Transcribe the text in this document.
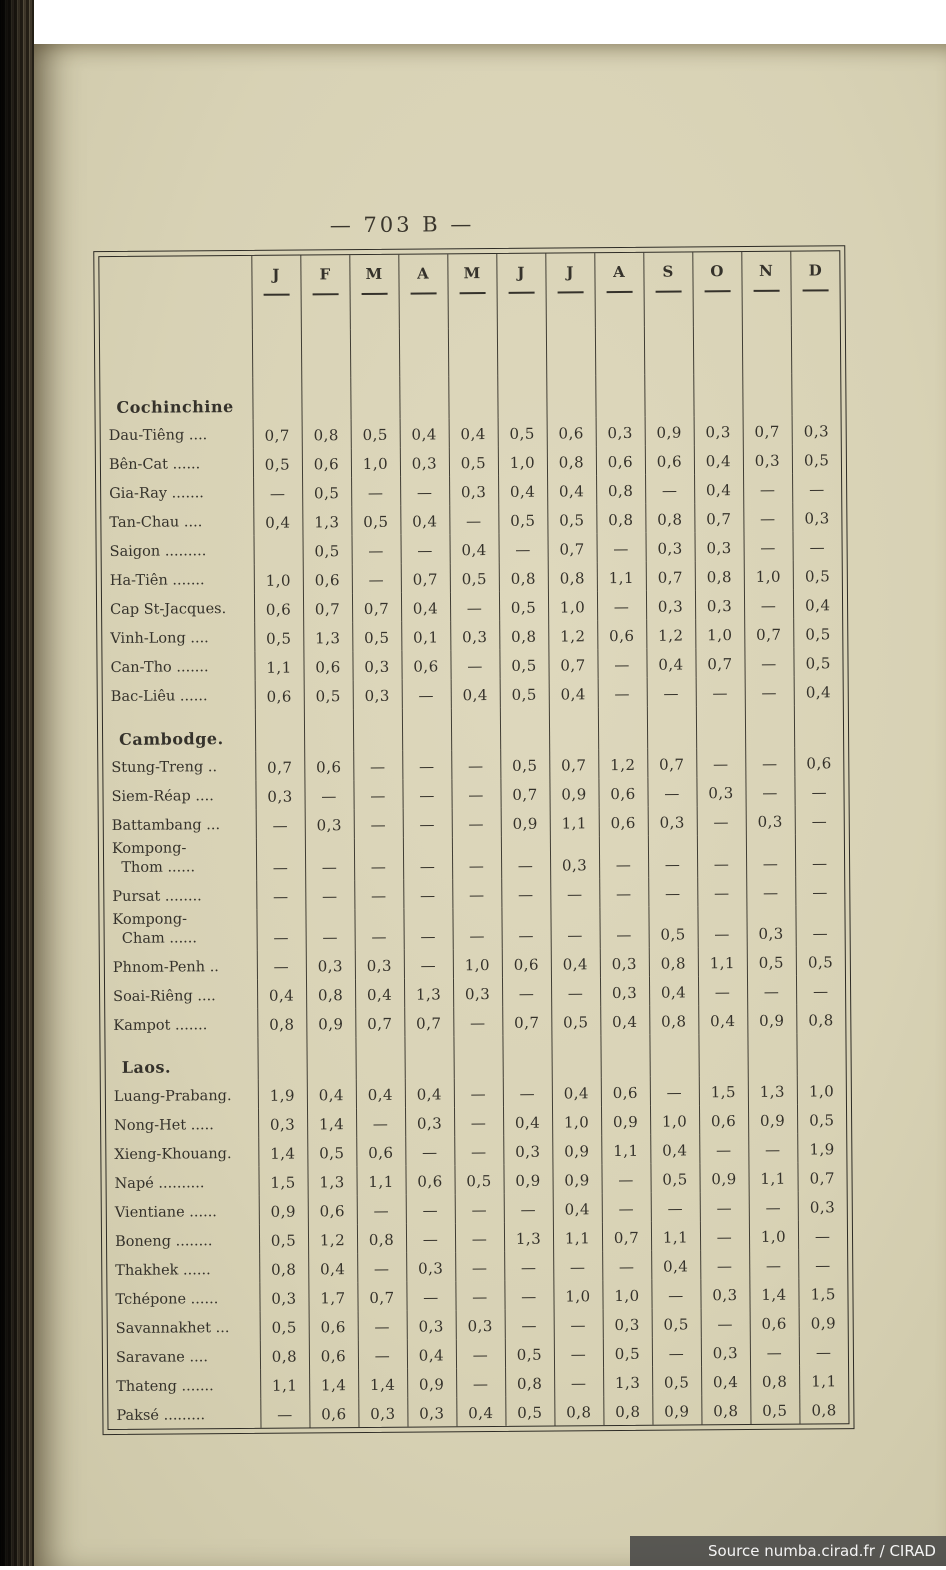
— 703 B —

	J	F	M	A	M	J	J	A	S	O	N	D

Cochinchine												
Dau-Tiêng ....	0,7	0,8	0,5	0,4	0,4	0,5	0,6	0,3	0,9	0,3	0,7	0,3
Bên-Cat ......	0,5	0,6	1,0	0,3	0,5	1,0	0,8	0,6	0,6	0,4	0,3	0,5
Gia-Ray .......	—	0,5	—	—	0,3	0,4	0,4	0,8	—	0,4	—	—
Tan-Chau ....	0,4	1,3	0,5	0,4	—	0,5	0,5	0,8	0,8	0,7	—	0,3
Saigon .........		0,5	—	—	0,4	—	0,7	—	0,3	0,3	—	—
Ha-Tiên .......	1,0	0,6	—	0,7	0,5	0,8	0,8	1,1	0,7	0,8	1,0	0,5
Cap St-Jacques.	0,6	0,7	0,7	0,4	—	0,5	1,0	—	0,3	0,3	—	0,4
Vinh-Long ....	0,5	1,3	0,5	0,1	0,3	0,8	1,2	0,6	1,2	1,0	0,7	0,5
Can-Tho .......	1,1	0,6	0,3	0,6	—	0,5	0,7	—	0,4	0,7	—	0,5
Bac-Liêu ......	0,6	0,5	0,3	—	0,4	0,5	0,4	—	—	—	—	0,4
Cambodge.												
Stung-Treng ..	0,7	0,6	—	—	—	0,5	0,7	1,2	0,7	—	—	0,6
Siem-Réap ....	0,3	—	—	—	—	0,7	0,9	0,6	—	0,3	—	—
Battambang ...	—	0,3	—	—	—	0,9	1,1	0,6	0,3	—	0,3	—
Kompong-
Thom ......	—	—	—	—	—	—	0,3	—	—	—	—	—
Pursat ........	—	—	—	—	—	—	—	—	—	—	—	—
Kompong-
Cham ......	—	—	—	—	—	—	—	—	0,5	—	0,3	—
Phnom-Penh ..	—	0,3	0,3	—	1,0	0,6	0,4	0,3	0,8	1,1	0,5	0,5
Soai-Riêng ....	0,4	0,8	0,4	1,3	0,3	—	—	0,3	0,4	—	—	—
Kampot .......	0,8	0,9	0,7	0,7	—	0,7	0,5	0,4	0,8	0,4	0,9	0,8
Laos.												
Luang-Prabang.	1,9	0,4	0,4	0,4	—	—	0,4	0,6	—	1,5	1,3	1,0
Nong-Het .....	0,3	1,4	—	0,3	—	0,4	1,0	0,9	1,0	0,6	0,9	0,5
Xieng-Khouang.	1,4	0,5	0,6	—	—	0,3	0,9	1,1	0,4	—	—	1,9
Napé ..........	1,5	1,3	1,1	0,6	0,5	0,9	0,9	—	0,5	0,9	1,1	0,7
Vientiane ......	0,9	0,6	—	—	—	—	0,4	—	—	—	—	0,3
Boneng ........	0,5	1,2	0,8	—	—	1,3	1,1	0,7	1,1	—	1,0	—
Thakhek ......	0,8	0,4	—	0,3	—	—	—	—	0,4	—	—	—
Tchépone ......	0,3	1,7	0,7	—	—	—	1,0	1,0	—	0,3	1,4	1,5
Savannakhet ...	0,5	0,6	—	0,3	0,3	—	—	0,3	0,5	—	0,6	0,9
Saravane ....	0,8	0,6	—	0,4	—	0,5	—	0,5	—	0,3	—	—
Thateng .......	1,1	1,4	1,4	0,9	—	0,8	—	1,3	0,5	0,4	0,8	1,1
Paksé .........	—	0,6	0,3	0,3	0,4	0,5	0,8	0,8	0,9	0,8	0,5	0,8
Source numba.cirad.fr / CIRAD
